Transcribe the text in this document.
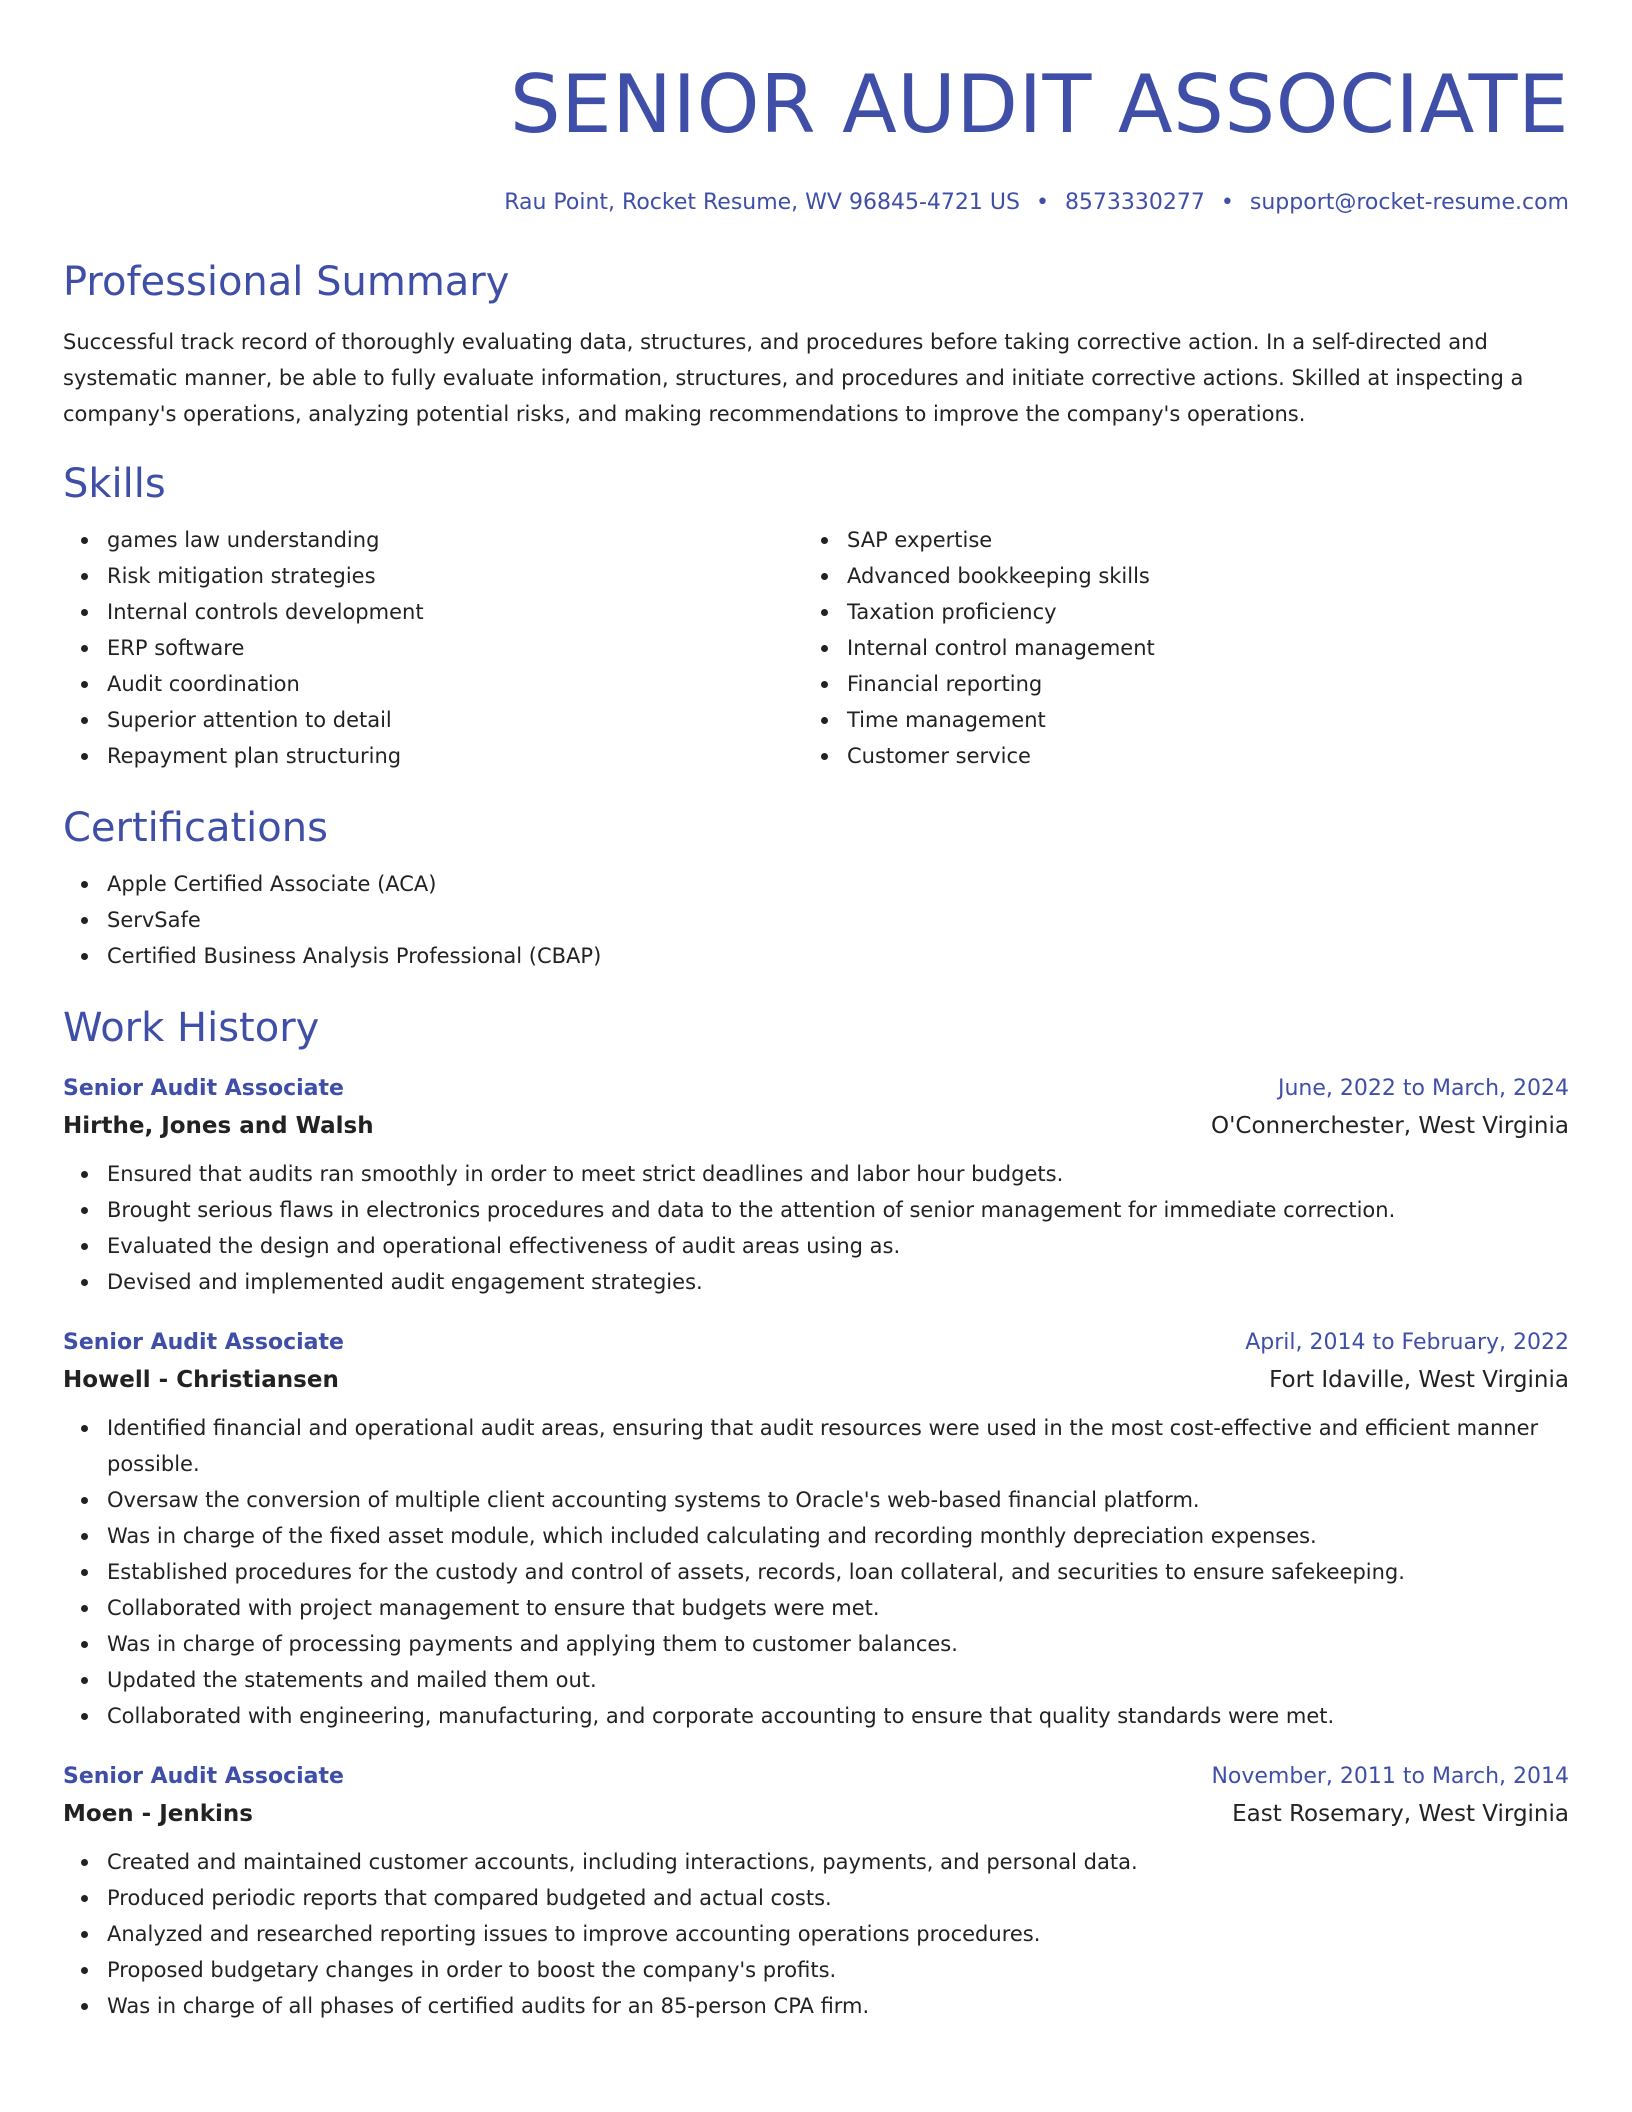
SENIOR AUDIT ASSOCIATE
Rau Point, Rocket Resume, WV 96845-4721 US • 8573330277 • support@rocket-resume.com
Professional Summary

Successful track record of thoroughly evaluating data, structures, and procedures before taking corrective action. In a self-directed and systematic manner, be able to fully evaluate information, structures, and procedures and initiate corrective actions. Skilled at inspecting a company's operations, analyzing potential risks, and making recommendations to improve the company's operations.

Skills
games law understanding
Risk mitigation strategies
Internal controls development
ERP software
Audit coordination
Superior attention to detail
Repayment plan structuring
SAP expertise
Advanced bookkeeping skills
Taxation proficiency
Internal control management
Financial reporting
Time management
Customer service
Certifications
Apple Certified Associate (ACA)
ServSafe
Certified Business Analysis Professional (CBAP)
Work History
Senior Audit Associate	June, 2022 to March, 2024
Hirthe, Jones and Walsh	O'Connerchester, West Virginia
Ensured that audits ran smoothly in order to meet strict deadlines and labor hour budgets.
Brought serious flaws in electronics procedures and data to the attention of senior management for immediate correction.
Evaluated the design and operational effectiveness of audit areas using as.
Devised and implemented audit engagement strategies.
Senior Audit Associate	April, 2014 to February, 2022
Howell - Christiansen	Fort Idaville, West Virginia
Identified financial and operational audit areas, ensuring that audit resources were used in the most cost-effective and efficient manner possible.
Oversaw the conversion of multiple client accounting systems to Oracle's web-based financial platform.
Was in charge of the fixed asset module, which included calculating and recording monthly depreciation expenses.
Established procedures for the custody and control of assets, records, loan collateral, and securities to ensure safekeeping.
Collaborated with project management to ensure that budgets were met.
Was in charge of processing payments and applying them to customer balances.
Updated the statements and mailed them out.
Collaborated with engineering, manufacturing, and corporate accounting to ensure that quality standards were met.
Senior Audit Associate	November, 2011 to March, 2014
Moen - Jenkins	East Rosemary, West Virginia
Created and maintained customer accounts, including interactions, payments, and personal data.
Produced periodic reports that compared budgeted and actual costs.
Analyzed and researched reporting issues to improve accounting operations procedures.
Proposed budgetary changes in order to boost the company's profits.
Was in charge of all phases of certified audits for an 85-person CPA firm.
